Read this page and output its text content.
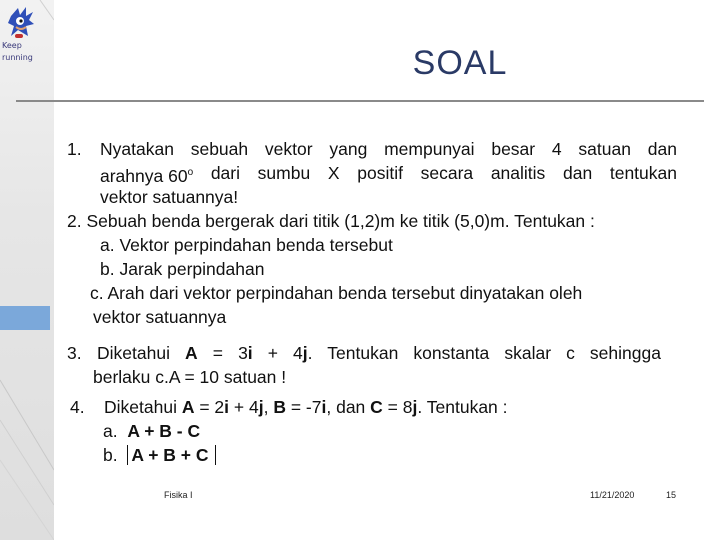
Keep
running	SOAL
1. Nyatakan sebuah vektor yang mempunyai besar 4 satuan dan
arahnya 60$^o$ dari sumbu X positif secara analitis dan tentukan
vektor satuannya!
2. Sebuah benda bergerak dari titik (1,2)m ke titik (5,0)m. Tentukan :
a. Vektor perpindahan benda tersebut
b. Jarak perpindahan
c. Arah dari vektor perpindahan benda tersebut dinyatakan oleh
vektor satuannya
3. Diketahui A = 3i + 4j. Tentukan konstanta skalar c sehingga
berlaku c.A = 10 satuan !
4. Diketahui A = 2i + 4j, B = -7i, dan C = 8j. Tentukan :
a. A + B - C
b. A + B + C
Fisika I	11/21/2020	15
